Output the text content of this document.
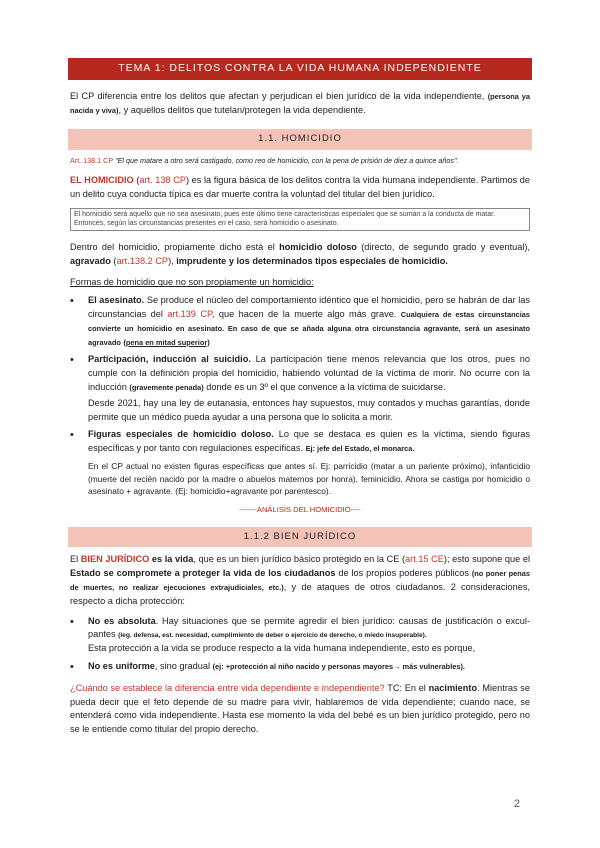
TEMA 1: DELITOS CONTRA LA VIDA HUMANA INDEPENDIENTE

El CP diferencia entre los delitos que afectan y perjudican el bien jurídico de la vida independiente, (persona ya nacida y viva), y aquellos delitos que tutelan/protegen la vida dependiente.

1.1. HOMICIDIO
Art. 138.1 CP "El que matare a otro será castigado, como reo de homicidio, con la pena de prisión de diez a quince años".

EL HOMICIDIO (art. 138 CP) es la figura básica de los delitos contra la vida humana independiente. Partimos de un delito cuya conducta típica es dar muerte contra la voluntad del titular del bien jurídico.

El homicidio será aquello que no sea asesinato, pues este último tiene características especiales que se suman a la conducta de matar. Entonces, según las circunstancias presentes en el caso, será homicidio o asesinato.

Dentro del homicidio, propiamente dicho está el homicidio doloso (directo, de segundo grado y eventual), agravado (art.138.2 CP), imprudente y los determinados tipos especiales de homicidio.

Formas de homicidio que no son propiamente un homicidio:

• El asesinato. Se produce el núcleo del comportamiento idéntico que el homicidio, pero se habrán de dar las circunstancias del art.139 CP, que hacen de la muerte algo más grave. Cualquiera de estas circunstancias convierte un homicidio en asesinato. En caso de que se añada alguna otra circunstancia agravante, será un asesinato agravado (pena en mitad superior)
• Participación, inducción al suicidio. La participación tiene menos relevancia que los otros, pues no cumple con la definición propia del homicidio, habiendo voluntad de la víctima de morir. No ocurre con la inducción (gravemente penada) donde es un 3º el que convence a la víctima de suicidarse.
Desde 2021, hay una ley de eutanasia, entonces hay supuestos, muy contados y muchas garantías, donde permite que un médico pueda ayudar a una persona que lo solicita a morir.
• Figuras especiales de homicidio doloso. Lo que se destaca es quien es la víctima, siendo figuras específicas y por tanto con regulaciones específicas. Ej: jefe del Estado, el monarca.
En el CP actual no existen figuras específicas que antes sí. Ej: parricidio (matar a un pariente próximo), infanticidio (muerte del recién nacido por la madre o abuelos maternos por honra), feminicidio. Ahora se castiga por homicidio o asesinato + agravante. (Ej: homicidio+agravante por parentesco).
-------ANÁLISIS DEL HOMICIDIO----
1.1.2 BIEN JURÍDICO

El BIEN JURÍDICO es la vida, que es un bien jurídico básico protegido en la CE (art.15 CE); esto supone que el Estado se compromete a proteger la vida de los ciudadanos de los propios poderes públicos (no poner penas de muertes, no realizar ejecuciones extrajudiciales, etc.), y de ataques de otros ciudadanos. 2 consideraciones, respecto a dicha protección:

• No es absoluta. Hay situaciones que se permite agredir el bien jurídico: causas de justificación o exculpantes (leg. defensa, est. necesidad, cumplimiento de deber o ejercicio de derecho, o miedo insuperable).
Esta protección a la vida se produce respecto a la vida humana independiente, esto es porque,
• No es uniforme, sino gradual (ej: +protección al niño nacido y personas mayores→ más vulnerables).

¿Cuándo se establece la diferencia entre vida dependiente e independiente? TC: En el nacimiento. Mientras se pueda decir que el feto depende de su madre para vivir, hablaremos de vida dependiente; cuando nace, se entenderá como vida independiente. Hasta ese momento la vida del bebé es un bien jurídico protegido, pero no se le entiende como titular del propio derecho.

2
